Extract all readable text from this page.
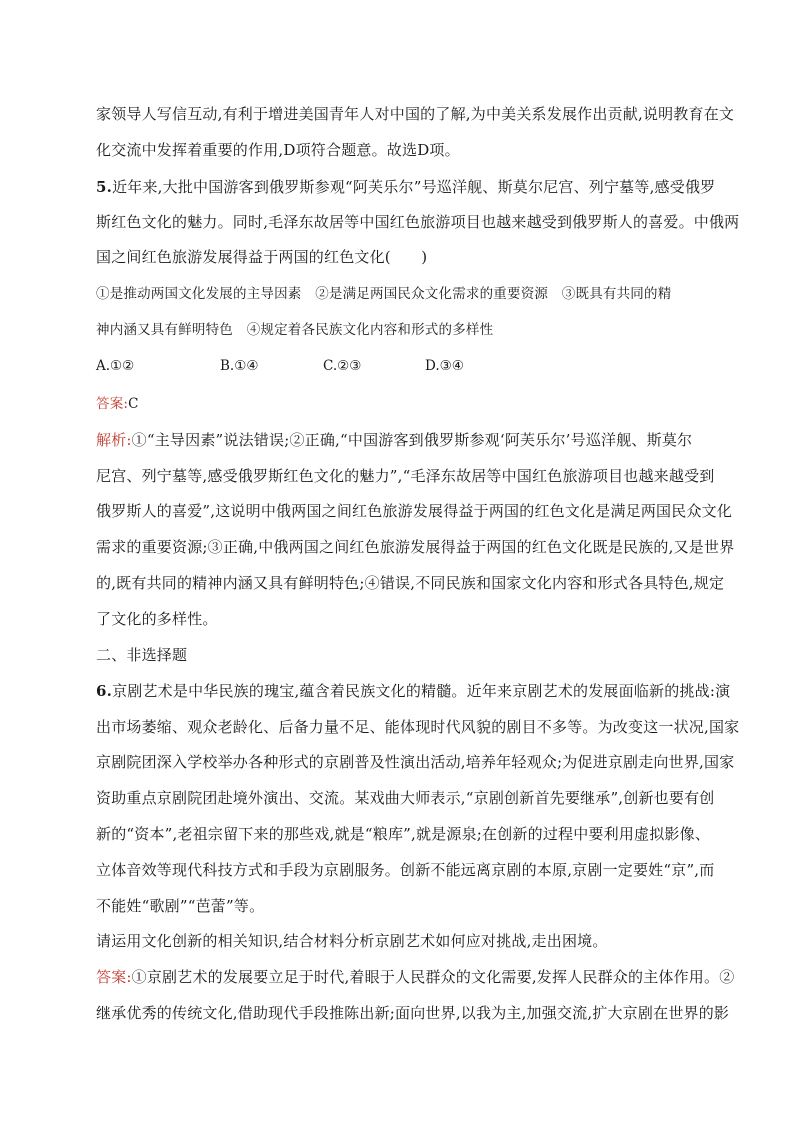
家领导人写信互动,有利于增进美国青年人对中国的了解,为中美关系发展作出贡献,说明教育在文
化交流中发挥着重要的作用,D项符合题意。故选D项。
5.近年来,大批中国游客到俄罗斯参观“阿芙乐尔”号巡洋舰、斯莫尔尼宫、列宁墓等,感受俄罗
斯红色文化的魅力。同时,毛泽东故居等中国红色旅游项目也越来越受到俄罗斯人的喜爱。中俄两
国之间红色旅游发展得益于两国的红色文化(　　)
①是推动两国文化发展的主导因素　②是满足两国民众文化需求的重要资源　③既具有共同的精
神内涵又具有鲜明特色　④规定着各民族文化内容和形式的多样性
A.①②	B.①④	C.②③	D.③④
答案:C
解析:①“主导因素”说法错误;②正确,“中国游客到俄罗斯参观‘阿芙乐尔’号巡洋舰、斯莫尔
尼宫、列宁墓等,感受俄罗斯红色文化的魅力”,“毛泽东故居等中国红色旅游项目也越来越受到
俄罗斯人的喜爱”,这说明中俄两国之间红色旅游发展得益于两国的红色文化是满足两国民众文化
需求的重要资源;③正确,中俄两国之间红色旅游发展得益于两国的红色文化既是民族的,又是世界
的,既有共同的精神内涵又具有鲜明特色;④错误,不同民族和国家文化内容和形式各具特色,规定
了文化的多样性。
二、非选择题
6.京剧艺术是中华民族的瑰宝,蕴含着民族文化的精髓。近年来京剧艺术的发展面临新的挑战:演
出市场萎缩、观众老龄化、后备力量不足、能体现时代风貌的剧目不多等。为改变这一状况,国家
京剧院团深入学校举办各种形式的京剧普及性演出活动,培养年轻观众;为促进京剧走向世界,国家
资助重点京剧院团赴境外演出、交流。某戏曲大师表示,“京剧创新首先要继承”,创新也要有创
新的“资本”,老祖宗留下来的那些戏,就是“粮库”,就是源泉;在创新的过程中要利用虚拟影像、
立体音效等现代科技方式和手段为京剧服务。创新不能远离京剧的本原,京剧一定要姓“京”,而
不能姓“歌剧”“芭蕾”等。
请运用文化创新的相关知识,结合材料分析京剧艺术如何应对挑战,走出困境。
答案:①京剧艺术的发展要立足于时代,着眼于人民群众的文化需要,发挥人民群众的主体作用。②
继承优秀的传统文化,借助现代手段推陈出新;面向世界,以我为主,加强交流,扩大京剧在世界的影
